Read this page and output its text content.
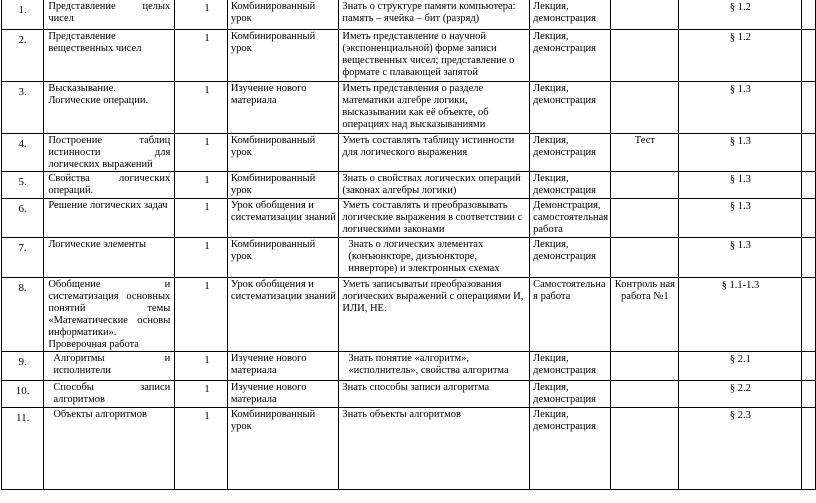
1.	Представление целых чисел	1	Комбинированный урок	Знать о структуре памяти компьютера: память – ячейка – бит (разряд)	Лекция, демонстрация		§ 1.2	
2.	Представление вещественных чисел	1	Комбинированный урок	Иметь представление о научной (экспоненциальной) форме записи вещественных чисел; представление о формате с плавающей запятой	Лекция, демонстрация		§ 1.2	
3.	Высказывание. Логические операции.	1	Изучение нового материала	Иметь представления о разделе математики алгебре логики, высказывании как её объекте, об операциях над высказываниями	Лекция, демонстрация		§ 1.3	
4.	Построение таблиц истинности для логических выражений	1	Комбинированный урок	Уметь составлять таблицу истинности для логического выражения	Лекция, демонстрация	Тест	§ 1.3	
5.	Свойства логических операций.	1	Комбинированный урок	Знать о свойствах логических операций (законах алгебры логики)	Лекция, демонстрация		§ 1.3	
6.	Решение логических задач	1	Урок обобщения и систематизации знаний	Уметь составлять и преобразовывать логические выражения в соответствии с логическими законами	Демонстрация, самостоятельная работа		§ 1.3	
7.	Логические элементы	1	Комбинированный урок	Знать о логических элементах (конъюнкторе, дизъюнкторе, инверторе) и электронных схемах	Лекция, демонстрация		§ 1.3	
8.	Обобщение и систематизация основных понятий темы «Математические основы информатики». Проверочная работа	1	Урок обобщения и систематизации знаний	Уметь записыватьи преобразования логических выражений с операциями И, ИЛИ, НЕ.	Самостоятельна я работа	Контроль ная работа №1	§ 1.1-1.3	
9.	Алгоритмы и исполнители	1	Изучение нового материала	Знать понятие «алгоритм», «исполнитель», свойства алгоритма	Лекция, демонстрация		§ 2.1	
10.	Способы записи алгоритмов	1	Изучение нового материала	Знать способы записи алгоритма	Лекция, демонстрация		§ 2.2	
11.	Объекты алгоритмов	1	Комбинированный урок	Знать объекты алгоритмов	Лекция, демонстрация		§ 2.3	
